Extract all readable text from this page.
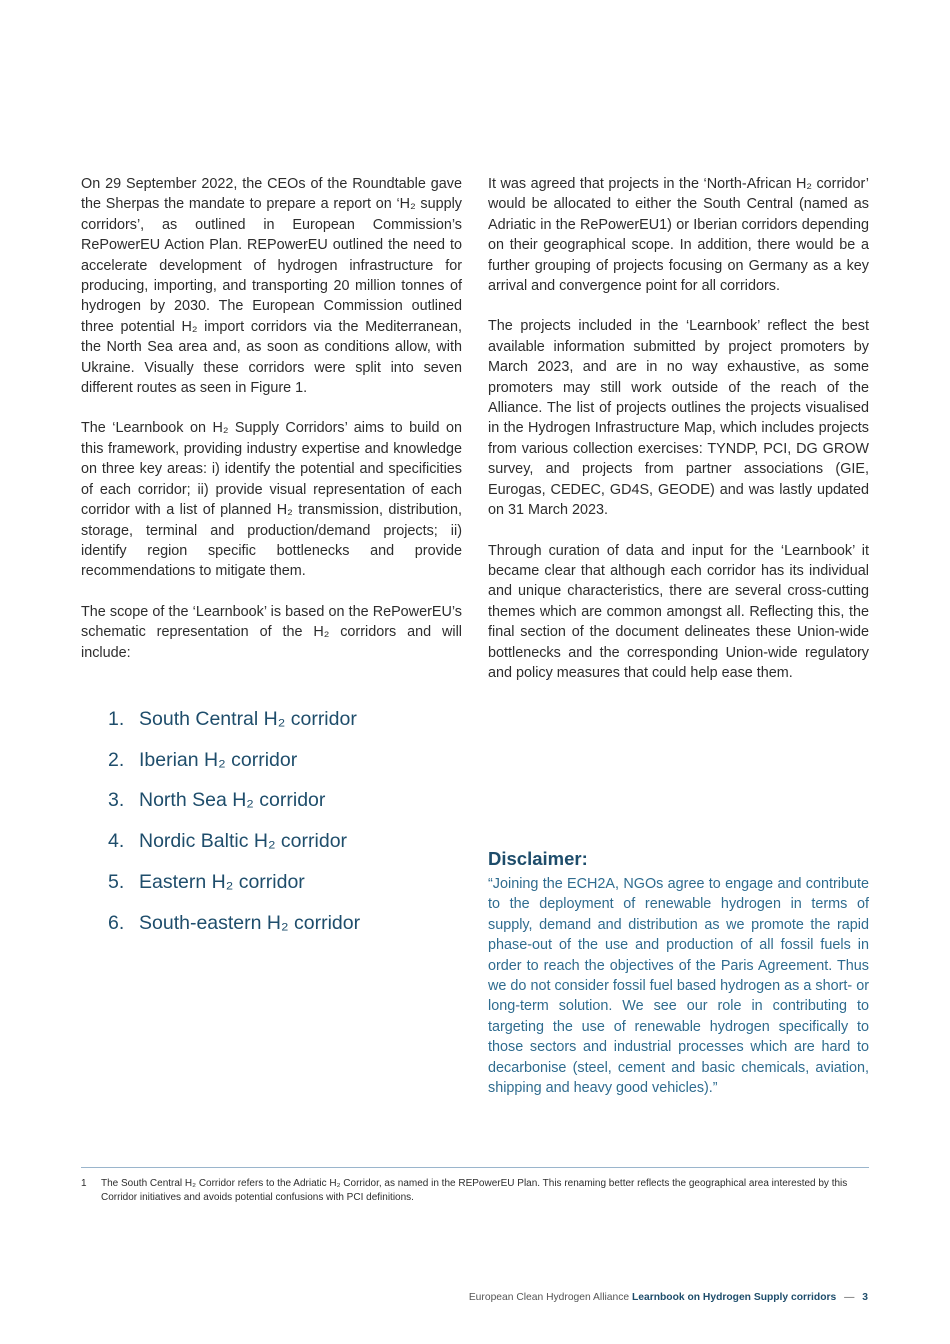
On 29 September 2022, the CEOs of the Roundtable gave the Sherpas the mandate to prepare a report on ‘H₂ supply corridors’, as outlined in European Commission’s RePowerEU Action Plan. REPowerEU outlined the need to accelerate development of hydrogen infrastructure for producing, importing, and transporting 20 million tonnes of hydrogen by 2030. The European Commission outlined three potential H₂ import corridors via the Mediterranean, the North Sea area and, as soon as conditions allow, with Ukraine. Visually these corridors were split into seven different routes as seen in Figure 1.

The ‘Learnbook on H₂ Supply Corridors’ aims to build on this framework, providing industry expertise and knowledge on three key areas: i) identify the potential and specificities of each corridor; ii) provide visual representation of each corridor with a list of planned H₂ transmission, distribution, storage, terminal and production/demand projects; ii) identify region specific bottlenecks and provide recommendations to mitigate them.

The scope of the ‘Learnbook’ is based on the RePowerEU’s schematic representation of the H₂ corridors and will include:

1. South Central H₂ corridor
2. Iberian H₂ corridor
3. North Sea H₂ corridor
4. Nordic Baltic H₂ corridor
5. Eastern H₂ corridor
6. South-eastern H₂ corridor

It was agreed that projects in the ‘North-African H₂ corridor’ would be allocated to either the South Central (named as Adriatic in the RePowerEU1) or Iberian corridors depending on their geographical scope. In addition, there would be a further grouping of projects focusing on Germany as a key arrival and convergence point for all corridors.

The projects included in the ‘Learnbook’ reflect the best available information submitted by project promoters by March 2023, and are in no way exhaustive, as some promoters may still work outside of the reach of the Alliance. The list of projects outlines the projects visualised in the Hydrogen Infrastructure Map, which includes projects from various collection exercises: TYNDP, PCI, DG GROW survey, and projects from partner associations (GIE, Eurogas, CEDEC, GD4S, GEODE) and was lastly updated on 31 March 2023.

Through curation of data and input for the ‘Learnbook’ it became clear that although each corridor has its individual and unique characteristics, there are several cross-cutting themes which are common amongst all. Reflecting this, the final section of the document delineates these Union-wide bottlenecks and the corresponding Union-wide regulatory and policy measures that could help ease them.

Disclaimer:

“Joining the ECH2A, NGOs agree to engage and contribute to the deployment of renewable hydrogen in terms of supply, demand and distribution as we promote the rapid phase-out of the use and production of all fossil fuels in order to reach the objectives of the Paris Agreement. Thus we do not consider fossil fuel based hydrogen as a short- or long-term solution. We see our role in contributing to targeting the use of renewable hydrogen specifically to those sectors and industrial processes which are hard to decarbonise (steel, cement and basic chemicals, aviation, shipping and heavy good vehicles).”

1	The South Central H₂ Corridor refers to the Adriatic H₂ Corridor, as named in the REPowerEU Plan. This renaming better reflects the geographical area interested by this Corridor initiatives and avoids potential confusions with PCI definitions.
European Clean Hydrogen Alliance Learnbook on Hydrogen Supply corridors — 3
